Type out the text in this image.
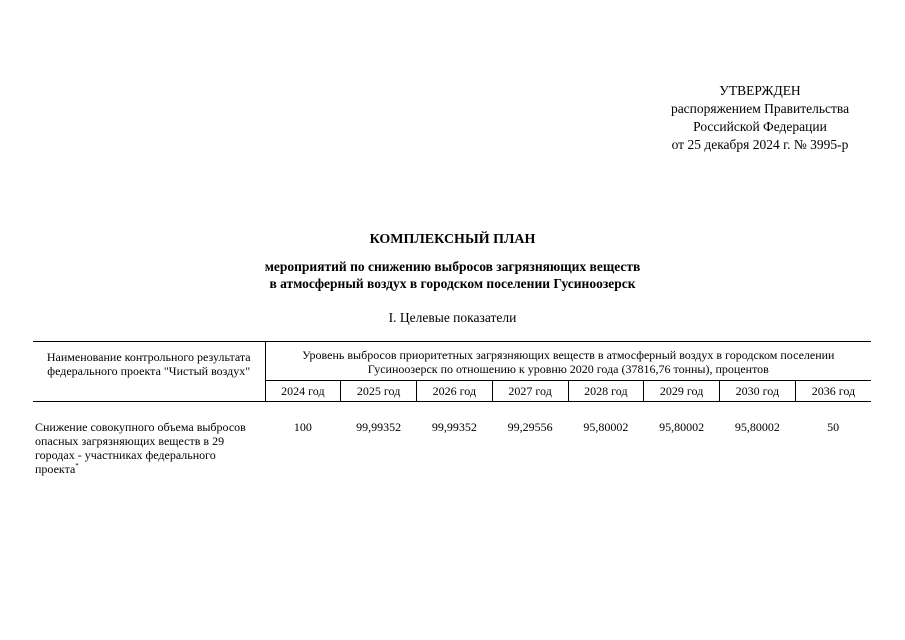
УТВЕРЖДЕН
распоряжением Правительства
Российской Федерации
от 25 декабря 2024 г. № 3995-р
КОМПЛЕКСНЫЙ ПЛАН
мероприятий по снижению выбросов загрязняющих веществ
в атмосферный воздух в городском поселении Гусиноозерск
I. Целевые показатели
Наименование контрольного результата федерального проекта "Чистый воздух"	Уровень выбросов приоритетных загрязняющих веществ в атмосферный воздух в городском поселении Гусиноозерск по отношению к уровню 2020 года (37816,76 тонны), процентов							
	2024 год	2025 год	2026 год	2027 год	2028 год	2029 год	2030 год	2036 год
Снижение совокупного объема выбросов опасных загрязняющих веществ в 29 городах - участниках федерального проекта*	100	99,99352	99,99352	99,29556	95,80002	95,80002	95,80002	50
